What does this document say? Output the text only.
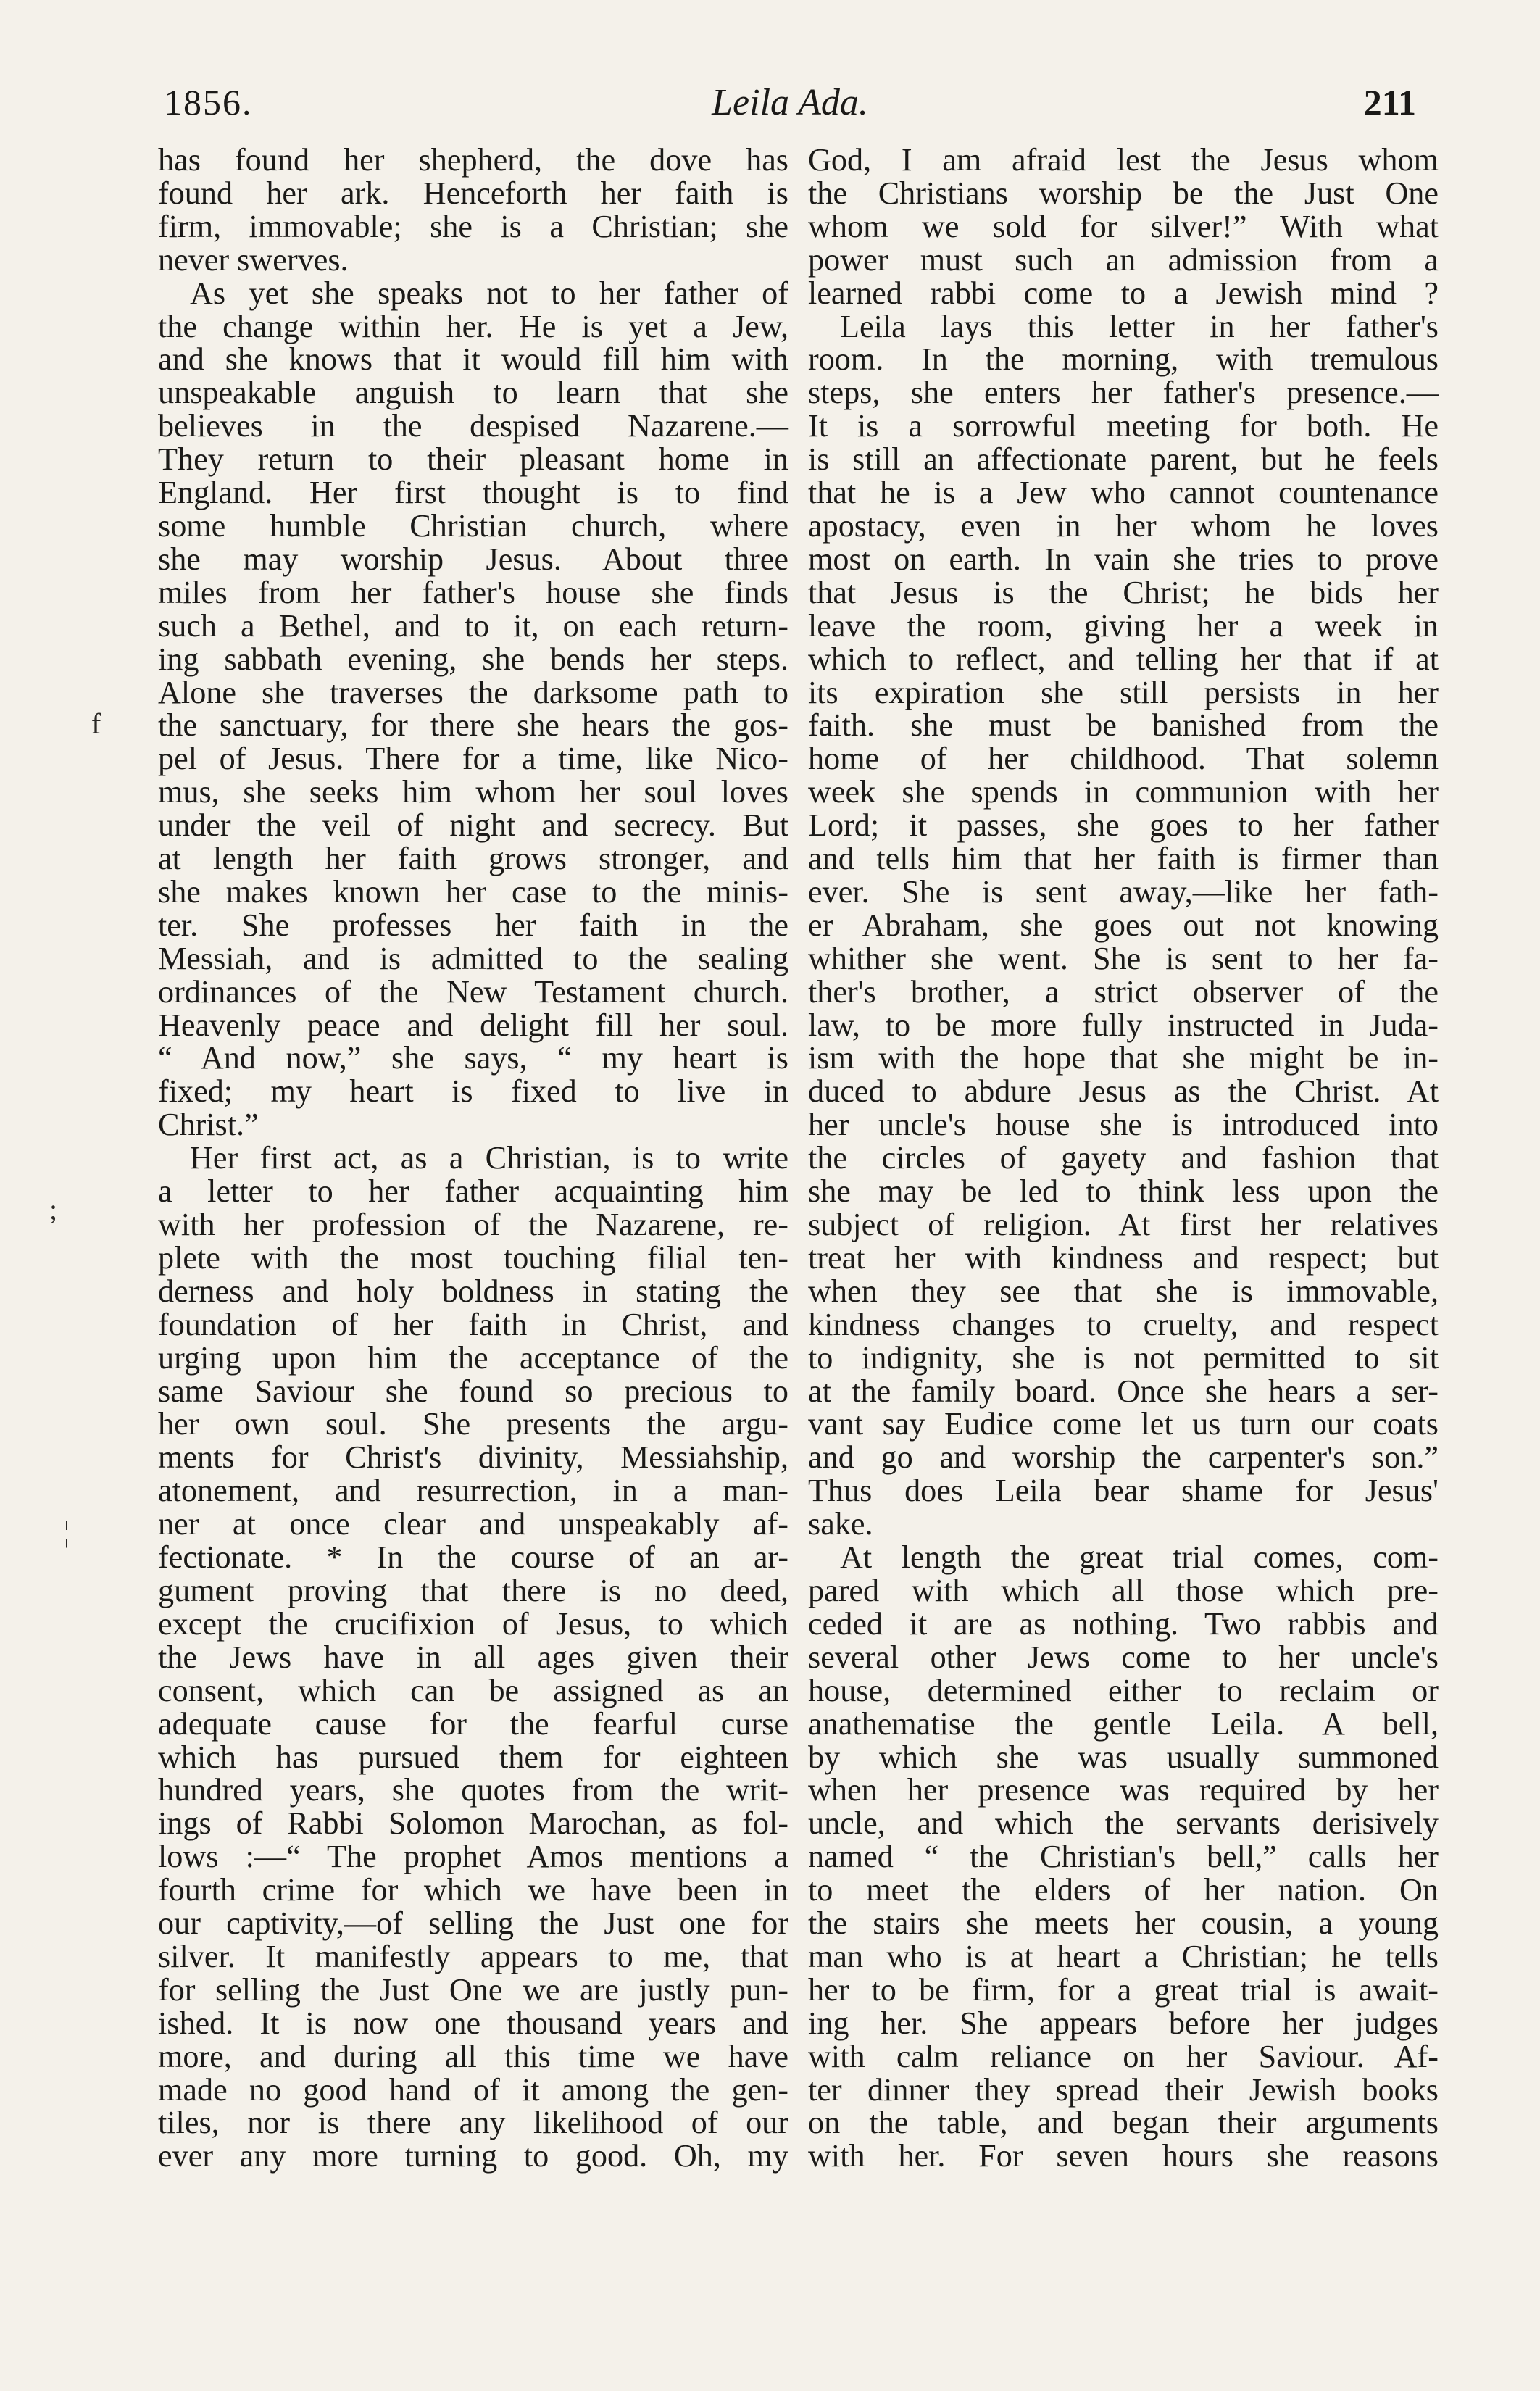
1856.	Leila Ada.	211
has found her shepherd, the dove has
found her ark. Henceforth her faith is
firm, immovable; she is a Christian; she
never swerves.
As yet she speaks not to her father of
the change within her. He is yet a Jew,
and she knows that it would fill him with
unspeakable anguish to learn that she
believes in the despised Nazarene.—
They return to their pleasant home in
England. Her first thought is to find
some humble Christian church, where
she may worship Jesus. About three
miles from her father's house she finds
such a Bethel, and to it, on each return-
ing sabbath evening, she bends her steps.
Alone she traverses the darksome path to
the sanctuary, for there she hears the gos-
pel of Jesus. There for a time, like Nico-
mus, she seeks him whom her soul loves
under the veil of night and secrecy. But
at length her faith grows stronger, and
she makes known her case to the minis-
ter. She professes her faith in the
Messiah, and is admitted to the sealing
ordinances of the New Testament church.
Heavenly peace and delight fill her soul.
“ And now,” she says, “ my heart is
fixed; my heart is fixed to live in
Christ.”
Her first act, as a Christian, is to write
a letter to her father acquainting him
with her profession of the Nazarene, re-
plete with the most touching filial ten-
derness and holy boldness in stating the
foundation of her faith in Christ, and
urging upon him the acceptance of the
same Saviour she found so precious to
her own soul. She presents the argu-
ments for Christ's divinity, Messiahship,
atonement, and resurrection, in a man-
ner at once clear and unspeakably af-
fectionate. * In the course of an ar-
gument proving that there is no deed,
except the crucifixion of Jesus, to which
the Jews have in all ages given their
consent, which can be assigned as an
adequate cause for the fearful curse
which has pursued them for eighteen
hundred years, she quotes from the writ-
ings of Rabbi Solomon Marochan, as fol-
lows :—“ The prophet Amos mentions a
fourth crime for which we have been in
our captivity,—of selling the Just one for
silver. It manifestly appears to me, that
for selling the Just One we are justly pun-
ished. It is now one thousand years and
more, and during all this time we have
made no good hand of it among the gen-
tiles, nor is there any likelihood of our
ever any more turning to good. Oh, my
God, I am afraid lest the Jesus whom
the Christians worship be the Just One
whom we sold for silver!” With what
power must such an admission from a
learned rabbi come to a Jewish mind ?
Leila lays this letter in her father's
room. In the morning, with tremulous
steps, she enters her father's presence.—
It is a sorrowful meeting for both. He
is still an affectionate parent, but he feels
that he is a Jew who cannot countenance
apostacy, even in her whom he loves
most on earth. In vain she tries to prove
that Jesus is the Christ; he bids her
leave the room, giving her a week in
which to reflect, and telling her that if at
its expiration she still persists in her
faith. she must be banished from the
home of her childhood. That solemn
week she spends in communion with her
Lord; it passes, she goes to her father
and tells him that her faith is firmer than
ever. She is sent away,—like her fath-
er Abraham, she goes out not knowing
whither she went. She is sent to her fa-
ther's brother, a strict observer of the
law, to be more fully instructed in Juda-
ism with the hope that she might be in-
duced to abdure Jesus as the Christ. At
her uncle's house she is introduced into
the circles of gayety and fashion that
she may be led to think less upon the
subject of religion. At first her relatives
treat her with kindness and respect; but
when they see that she is immovable,
kindness changes to cruelty, and respect
to indignity, she is not permitted to sit
at the family board. Once she hears a ser-
vant say Eudice come let us turn our coats
and go and worship the carpenter's son.”
Thus does Leila bear shame for Jesus'
sake.
At length the great trial comes, com-
pared with which all those which pre-
ceded it are as nothing. Two rabbis and
several other Jews come to her uncle's
house, determined either to reclaim or
anathematise the gentle Leila. A bell,
by which she was usually summoned
when her presence was required by her
uncle, and which the servants derisively
named “ the Christian's bell,” calls her
to meet the elders of her nation. On
the stairs she meets her cousin, a young
man who is at heart a Christian; he tells
her to be firm, for a great trial is await-
ing her. She appears before her judges
with calm reliance on her Saviour. Af-
ter dinner they spread their Jewish books
on the table, and began their arguments
with her. For seven hours she reasons
f
;
¦
